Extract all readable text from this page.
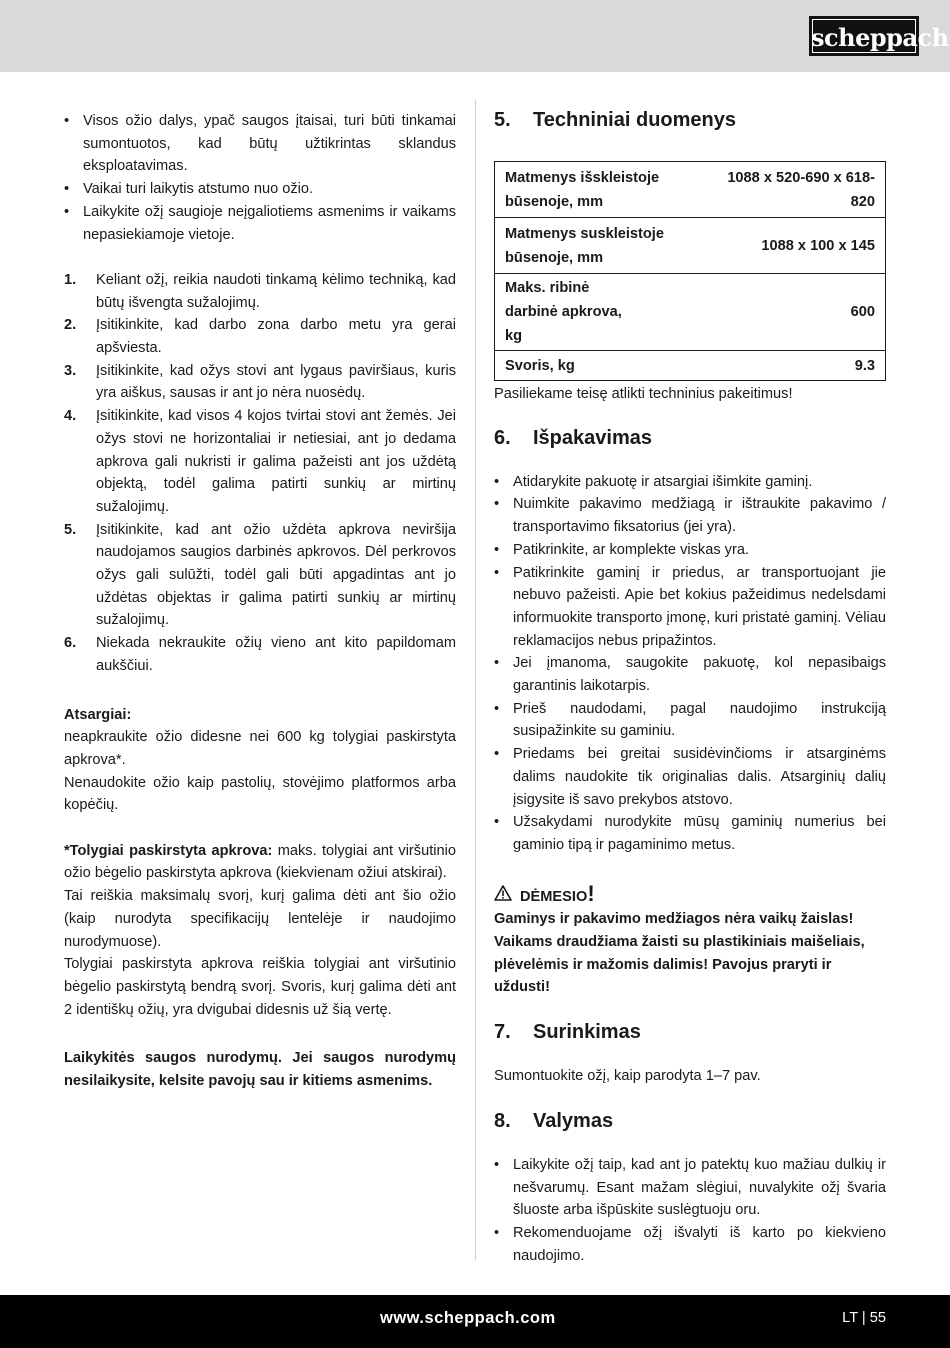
scheppach
• Visos ožio dalys, ypač saugos įtaisai, turi būti tinkamai sumontuotos, kad būtų užtikrintas sklandus eksploatavimas.
• Vaikai turi laikytis atstumo nuo ožio.
• Laikykite ožį saugioje neįgaliotiems asmenims ir vaikams nepasiekiamoje vietoje.
1. Keliant ožį, reikia naudoti tinkamą kėlimo techniką, kad būtų išvengta sužalojimų.
2. Įsitikinkite, kad darbo zona darbo metu yra gerai apšviesta.
3. Įsitikinkite, kad ožys stovi ant lygaus paviršiaus, kuris yra aiškus, sausas ir ant jo nėra nuosėdų.
4. Įsitikinkite, kad visos 4 kojos tvirtai stovi ant žemės. Jei ožys stovi ne horizontaliai ir netiesiai, ant jo dedama apkrova gali nukristi ir galima pažeisti ant jos uždėtą objektą, todėl galima patirti sunkių ar mirtinų sužalojimų.
5. Įsitikinkite, kad ant ožio uždėta apkrova neviršija naudojamos saugios darbinės apkrovos. Dėl perkrovos ožys gali sulūžti, todėl gali būti apgadintas ant jo uždėtas objektas ir galima patirti sunkių ar mirtinų sužalojimų.
6. Niekada nekraukite ožių vieno ant kito papildomam aukščiui.
Atsargiai:
neapkraukite ožio didesne nei 600 kg tolygiai paskirstyta apkrova*.
Nenaudokite ožio kaip pastolių, stovėjimo platformos arba kopėčių.
*Tolygiai paskirstyta apkrova: maks. tolygiai ant viršutinio ožio bėgelio paskirstyta apkrova (kiekvienam ožiui atskirai).
Tai reiškia maksimalų svorį, kurį galima dėti ant šio ožio (kaip nurodyta specifikacijų lentelėje ir naudojimo nurodymuose).
Tolygiai paskirstyta apkrova reiškia tolygiai ant viršutinio bėgelio paskirstytą bendrą svorį. Svoris, kurį galima dėti ant 2 identiškų ožių, yra dvigubai didesnis už šią vertę.
Laikykitės saugos nurodymų. Jei saugos nurodymų nesilaikysite, kelsite pavojų sau ir kitiems asmenims.
5.	Techniniai duomenys
Matmenys išskleistoje būsenoje, mm	1088 x 520-690 x 618-820
Matmenys suskleistoje būsenoje, mm	1088 x 100 x 145
Maks. ribinė darbinė apkrova, kg	600
Svoris, kg	9.3
Pasiliekame teisę atlikti techninius pakeitimus!
6.	Išpakavimas
• Atidarykite pakuotę ir atsargiai išimkite gaminį.
• Nuimkite pakavimo medžiagą ir ištraukite pakavimo / transportavimo fiksatorius (jei yra).
• Patikrinkite, ar komplekte viskas yra.
• Patikrinkite gaminį ir priedus, ar transportuojant jie nebuvo pažeisti. Apie bet kokius pažeidimus nedelsdami informuokite transporto įmonę, kuri pristatė gaminį. Vėliau reklamacijos nebus pripažintos.
• Jei įmanoma, saugokite pakuotę, kol nepasibaigs garantinis laikotarpis.
• Prieš naudodami, pagal naudojimo instrukciją susipažinkite su gaminiu.
• Priedams bei greitai susidėvinčioms ir atsarginėms dalims naudokite tik originalias dalis. Atsarginių dalių įsigysite iš savo prekybos atstovo.
• Užsakydami nurodykite mūsų gaminių numerius bei gaminio tipą ir pagaminimo metus.
DĖMESIO !
Gaminys ir pakavimo medžiagos nėra vaikų žaislas! Vaikams draudžiama žaisti su plastikiniais maišeliais, plėvelėmis ir mažomis dalimis! Pavojus praryti ir uždusti!
7.	Surinkimas
Sumontuokite ožį, kaip parodyta 1–7 pav.
8.	Valymas
• Laikykite ožį taip, kad ant jo patektų kuo mažiau dulkių ir nešvarumų. Esant mažam slėgiui, nuvalykite ožį švaria šluoste arba išpūskite suslėgtuoju oru.
• Rekomenduojame ožį išvalyti iš karto po kiekvieno naudojimo.
www.scheppach.com	LT | 55
